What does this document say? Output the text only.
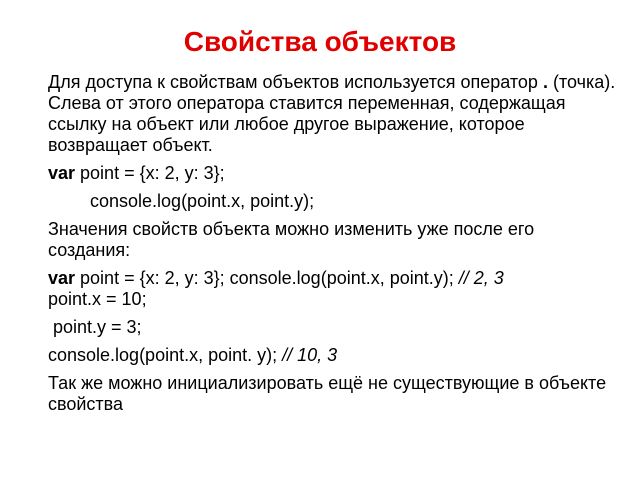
Свойства объектов
Для доступа к свойствам объектов используется оператор . (точка). Слева от этого оператора ставится переменная, содержащая ссылку на объект или любое другое выражение, которое возвращает объект.
var point = {x: 2, y: 3};
console.log(point.x, point.y);
Значения свойств объекта можно изменить уже после его создания:
var point = {x: 2, y: 3}; console.log(point.x, point.y); // 2, 3
point.x = 10;
point.y = 3;
console.log(point.x, point. y); // 10, 3
Так же можно инициализировать ещё не существующие в объекте свойства
